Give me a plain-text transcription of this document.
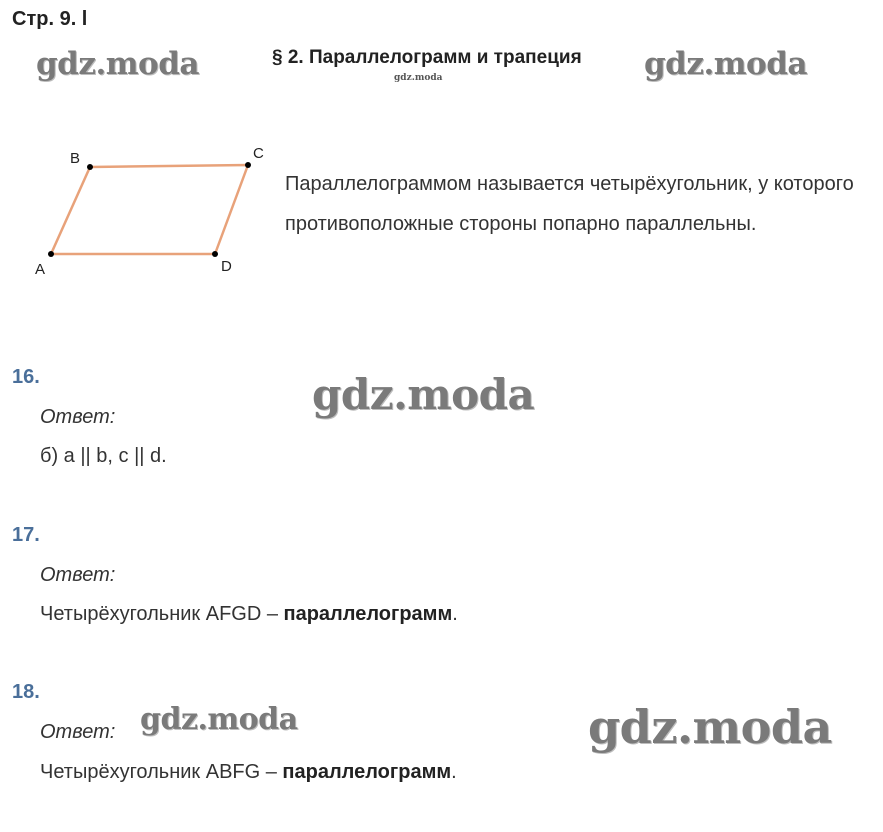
Стр. 9. l
§ 2. Параллелограмм и трапеция
gdz.moda	gdz.moda
gdz.moda
gdz.moda
gdz.moda	gdz.moda
A
B	C
D
Параллелограммом называется четырёхугольник, у которого противоположные стороны попарно параллельны.
16.
Ответ:
б) a || b, c || d.
17.
Ответ:
Четырёхугольник AFGD – параллелограмм.
18.
Ответ:
Четырёхугольник ABFG – параллелограмм.
